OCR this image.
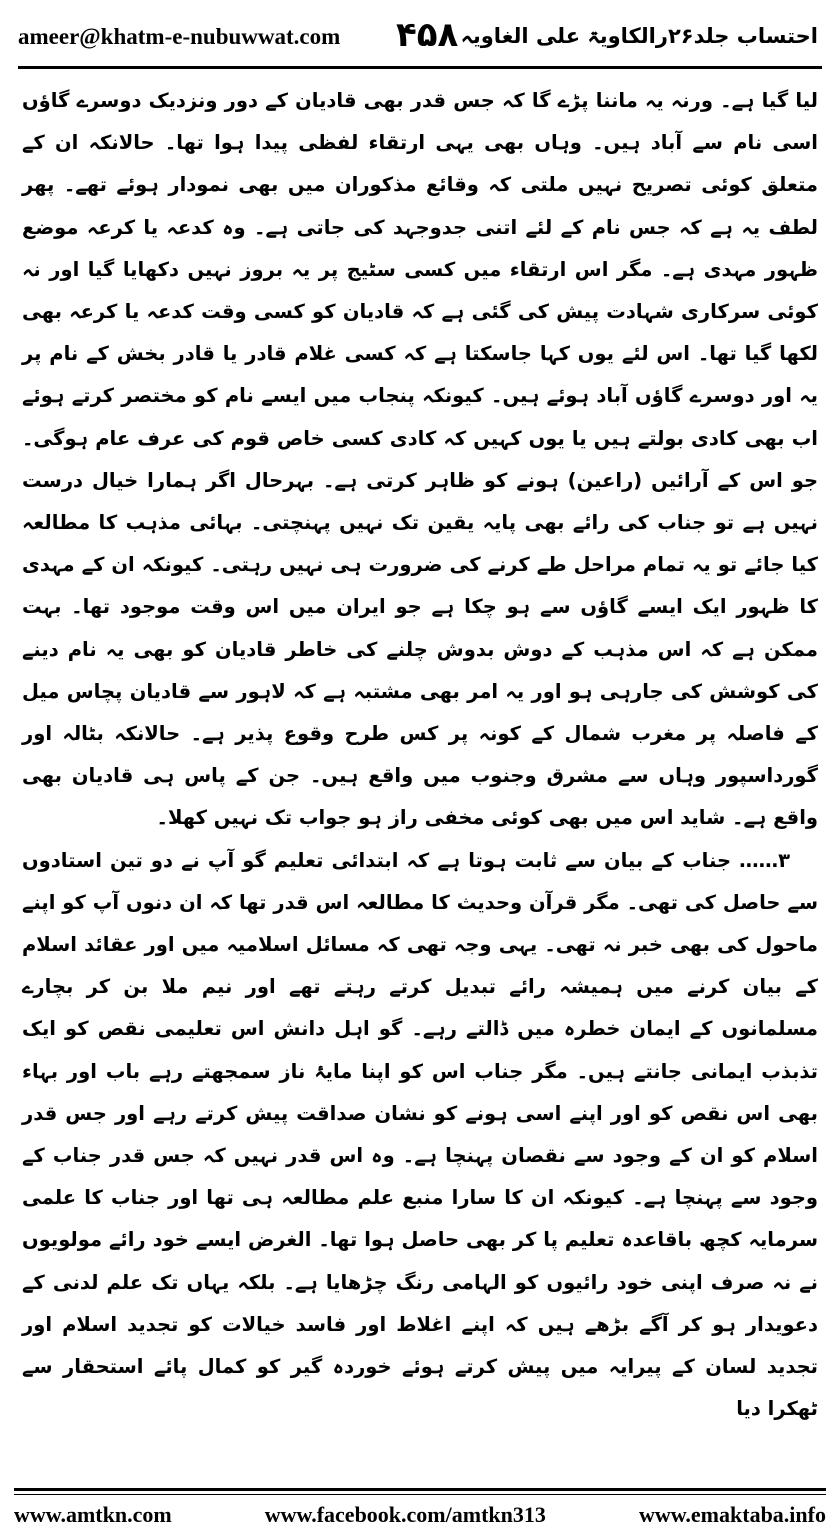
ameer@khatm-e-nubuwwat.com ۴۵۸ احتساب جلد۲۶رالکاویۃ علی الغاویہ

لیا گیا ہے۔ ورنہ یہ ماننا پڑے گا کہ جس قدر بھی قادیان کے دور ونزدیک دوسرے گاؤں اسی نام سے آباد ہیں۔ وہاں بھی یہی ارتقاء لفظی پیدا ہوا تھا۔ حالانکہ ان کے متعلق کوئی تصریح نہیں ملتی کہ وقائع مذکوران میں بھی نمودار ہوئے تھے۔ پھر لطف یہ ہے کہ جس نام کے لئے اتنی جدوجہد کی جاتی ہے۔ وہ کدعہ یا کرعہ موضع ظہور مہدی ہے۔ مگر اس ارتقاء میں کسی سٹیج پر یہ بروز نہیں دکھایا گیا اور نہ کوئی سرکاری شہادت پیش کی گئی ہے کہ قادیان کو کسی وقت کدعہ یا کرعہ بھی لکھا گیا تھا۔ اس لئے یوں کہا جاسکتا ہے کہ کسی غلام قادر یا قادر بخش کے نام پر یہ اور دوسرے گاؤں آباد ہوئے ہیں۔ کیونکہ پنجاب میں ایسے نام کو مختصر کرتے ہوئے اب بھی کادی بولتے ہیں یا یوں کہیں کہ کادی کسی خاص قوم کی عرف عام ہوگی۔ جو اس کے آرائیں (راعین) ہونے کو ظاہر کرتی ہے۔ بہرحال اگر ہمارا خیال درست نہیں ہے تو جناب کی رائے بھی پایہ یقین تک نہیں پہنچتی۔ بہائی مذہب کا مطالعہ کیا جائے تو یہ تمام مراحل طے کرنے کی ضرورت ہی نہیں رہتی۔ کیونکہ ان کے مہدی کا ظہور ایک ایسے گاؤں سے ہو چکا ہے جو ایران میں اس وقت موجود تھا۔ بہت ممکن ہے کہ اس مذہب کے دوش بدوش چلنے کی خاطر قادیان کو بھی یہ نام دینے کی کوشش کی جارہی ہو اور یہ امر بھی مشتبہ ہے کہ لاہور سے قادیان پچاس میل کے فاصلہ پر مغرب شمال کے کونہ پر کس طرح وقوع پذیر ہے۔ حالانکہ بٹالہ اور گورداسپور وہاں سے مشرق وجنوب میں واقع ہیں۔ جن کے پاس ہی قادیان بھی واقع ہے۔ شاید اس میں بھی کوئی مخفی راز ہو جواب تک نہیں کھلا۔

۳…… جناب کے بیان سے ثابت ہوتا ہے کہ ابتدائی تعلیم گو آپ نے دو تین استادوں سے حاصل کی تھی۔ مگر قرآن وحدیث کا مطالعہ اس قدر تھا کہ ان دنوں آپ کو اپنے ماحول کی بھی خبر نہ تھی۔ یہی وجہ تھی کہ مسائل اسلامیہ میں اور عقائد اسلام کے بیان کرنے میں ہمیشہ رائے تبدیل کرتے رہتے تھے اور نیم ملا بن کر بچارے مسلمانوں کے ایمان خطرہ میں ڈالتے رہے۔ گو اہل دانش اس تعلیمی نقص کو ایک تذبذب ایمانی جانتے ہیں۔ مگر جناب اس کو اپنا مایۂ ناز سمجھتے رہے باب اور بہاء بھی اس نقص کو اور اپنے اسی ہونے کو نشان صداقت پیش کرتے رہے اور جس قدر اسلام کو ان کے وجود سے نقصان پہنچا ہے۔ وہ اس قدر نہیں کہ جس قدر جناب کے وجود سے پہنچا ہے۔ کیونکہ ان کا سارا منبع علم مطالعہ ہی تھا اور جناب کا علمی سرمایہ کچھ باقاعدہ تعلیم پا کر بھی حاصل ہوا تھا۔ الغرض ایسے خود رائے مولویوں نے نہ صرف اپنی خود رائیوں کو الہامی رنگ چڑھایا ہے۔ بلکہ یہاں تک علم لدنی کے دعویدار ہو کر آگے بڑھے ہیں کہ اپنے اغلاط اور فاسد خیالات کو تجدید اسلام اور تجدید لسان کے پیرایہ میں پیش کرتے ہوئے خوردہ گیر کو کمال پائے استحقار سے ٹھکرا دیا

www.amtkn.com	www.facebook.com/amtkn313	www.emaktaba.info
